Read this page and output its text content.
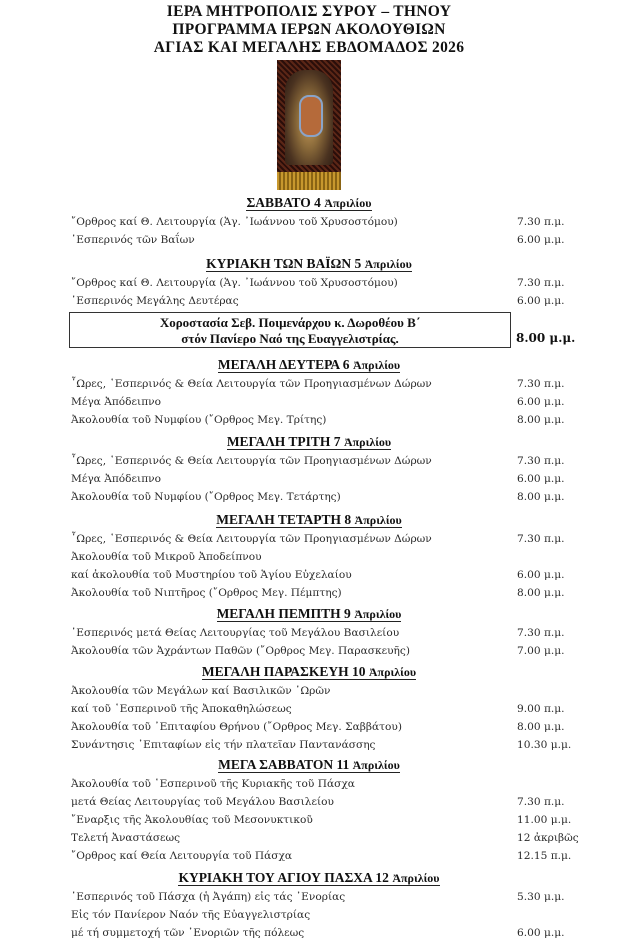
ΙΕΡΑ ΜΗΤΡΟΠΟΛΙΣ ΣΥΡΟΥ – ΤΗΝΟΥ
ΠΡΟΓΡΑΜΜΑ ΙΕΡΩΝ ΑΚΟΛΟΥΘΙΩΝ
ΑΓΙΑΣ ΚΑΙ ΜΕΓΑΛΗΣ ΕΒΔΟΜΑΔΟΣ 2026
ΣΑΒΒΑΤΟ 4 Ἀπριλίου
῎Ορθρος καί Θ. Λειτουργία (Ἁγ. ᾿Ιωάννου τοῦ Χρυσοστόμου)	7.30 π.μ.
῾Εσπερινός τῶν Βαΐων	6.00 μ.μ.
ΚΥΡΙΑΚΗ ΤΩΝ ΒΑΪΩΝ 5 Ἀπριλίου
῎Ορθρος καί Θ. Λειτουργία (Ἁγ. ᾿Ιωάννου τοῦ Χρυσοστόμου)	7.30 π.μ.
῾Εσπερινός Μεγάλης Δευτέρας	6.00 μ.μ.
ΜΕΓΑΛΗ ΔΕΥΤΕΡΑ 6 Ἀπριλίου
῟Ωρες, ῾Εσπερινός & Θεία Λειτουργία τῶν Προηγιασμένων Δώρων	7.30 π.μ.
Μέγα Ἀπόδειπνο	6.00 μ.μ.
Ἀκολουθία τοῦ Νυμφίου (῎Ορθρος Μεγ. Τρίτης)	8.00 μ.μ.
ΜΕΓΑΛΗ ΤΡΙΤΗ 7 Ἀπριλίου
῟Ωρες, ῾Εσπερινός & Θεία Λειτουργία τῶν Προηγιασμένων Δώρων	7.30 π.μ.
Μέγα Ἀπόδειπνο	6.00 μ.μ.
Ἀκολουθία τοῦ Νυμφίου (῎Ορθρος Μεγ. Τετάρτης)	8.00 μ.μ.
ΜΕΓΑΛΗ ΤΕΤΑΡΤΗ 8 Ἀπριλίου
῟Ωρες, ῾Εσπερινός & Θεία Λειτουργία τῶν Προηγιασμένων Δώρων	7.30 π.μ.
Ἀκολουθία τοῦ Μικροῦ Ἀποδείπνου
καί ἀκολουθία τοῦ Μυστηρίου τοῦ Ἁγίου Εὐχελαίου	6.00 μ.μ.
Ἀκολουθία τοῦ Νιπτῆρος (῎Ορθρος Μεγ. Πέμπτης)	8.00 μ.μ.
ΜΕΓΑΛΗ ΠΕΜΠΤΗ 9 Ἀπριλίου
῾Εσπερινός μετά Θείας Λειτουργίας τοῦ Μεγάλου Βασιλείου	7.30 π.μ.
Ἀκολουθία τῶν Ἀχράντων Παθῶν (῎Ορθρος Μεγ. Παρασκευῆς)	7.00 μ.μ.
ΜΕΓΑΛΗ ΠΑΡΑΣΚΕΥΗ 10 Ἀπριλίου
Ἀκολουθία τῶν Μεγάλων καί Βασιλικῶν ῾Ωρῶν
καί τοῦ ῾Εσπερινοῦ τῆς Ἀποκαθηλώσεως	9.00 π.μ.
Ἀκολουθία τοῦ ᾿Επιταφίου Θρήνου (῎Ορθρος Μεγ. Σαββάτου)	8.00 μ.μ.
Συνάντησις ᾿Επιταφίων εἰς τήν πλατεῖαν Παντανάσσης	10.30 μ.μ.
ΜΕΓΑ ΣΑΒΒΑΤΟΝ 11 Ἀπριλίου
Ἀκολουθία τοῦ ῾Εσπερινοῦ τῆς Κυριακῆς τοῦ Πάσχα
μετά Θείας Λειτουργίας τοῦ Μεγάλου Βασιλείου	7.30 π.μ.
῎Εναρξις τῆς Ἀκολουθίας τοῦ Μεσονυκτικοῦ	11.00 μ.μ.
Τελετή Ἀναστάσεως	12 ἀκριβῶς
῎Ορθρος καί Θεία Λειτουργία τοῦ Πάσχα	12.15 π.μ.
ΚΥΡΙΑΚΗ ΤΟΥ ΑΓΙΟΥ ΠΑΣΧΑ 12 Ἀπριλίου
῾Εσπερινός τοῦ Πάσχα (ἡ Ἀγάπη) εἰς τάς ᾿Ενορίας	5.30 μ.μ.
Εἰς τόν Πανίερον Ναόν τῆς Εὐαγγελιστρίας
μέ τή συμμετοχή τῶν ᾿Ενοριῶν τῆς πόλεως	6.00 μ.μ.
Χοροστασία Σεβ. Ποιμενάρχου κ. Δωροθέου Β΄
στόν Πανίερο Ναό της Ευαγγελιστρίας.	8.00 μ.μ.
